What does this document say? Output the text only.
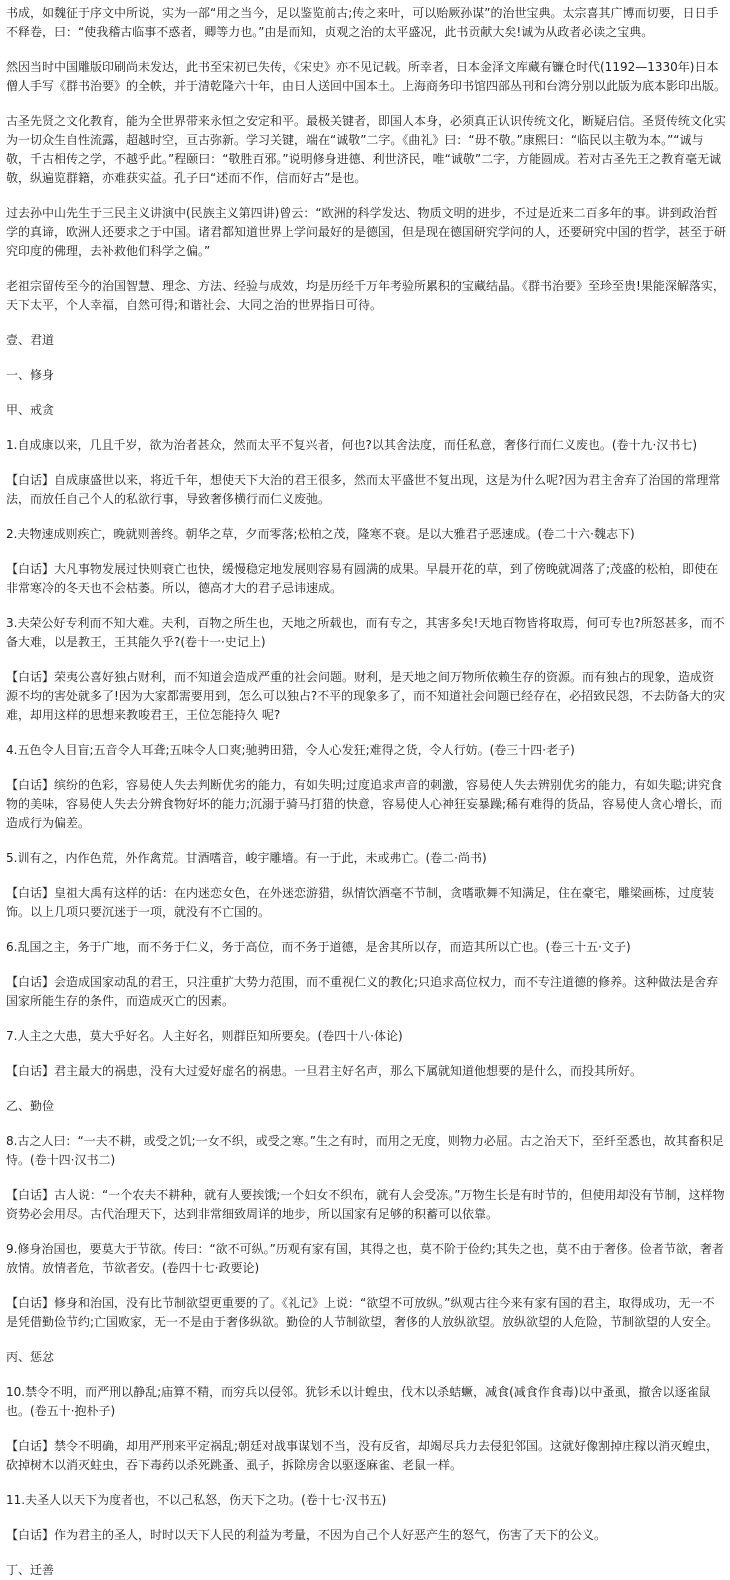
书成，如魏征于序文中所说，实为一部“用之当今，足以鉴览前古;传之来叶，可以贻厥孙谋”的治世宝典。太宗喜其广博而切要，日日手不释卷，曰：“使我稽古临事不惑者，卿等力也。”由是而知，贞观之治的太平盛况，此书贡献大矣!诚为从政者必读之宝典。

然因当时中国雕版印刷尚未发达，此书至宋初已失传，《宋史》亦不见记载。所幸者，日本金泽文库藏有镰仓时代(1192—1330年)日本僧人手写《群书治要》的全帙，并于清乾隆六十年，由日人送回中国本土。上海商务印书馆四部丛刊和台湾分别以此版为底本影印出版。

古圣先贤之文化教育，能为全世界带来永恒之安定和平。最极关键者，即国人本身，必须真正认识传统文化，断疑启信。圣贤传统文化实为一切众生自性流露，超越时空，亘古弥新。学习关键，端在“诚敬”二字。《曲礼》曰：“毋不敬。”康熙曰：“临民以主敬为本。”“诚与敬，千古相传之学，不越乎此。”程颐曰：“敬胜百邪。”说明修身进德、利世济民，唯“诚敬”二字，方能圆成。若对古圣先王之教育毫无诚敬，纵遍览群籍，亦难获实益。孔子曰“述而不作，信而好古”是也。

过去孙中山先生于三民主义讲演中(民族主义第四讲)曾云：“欧洲的科学发达、物质文明的进步，不过是近来二百多年的事。讲到政治哲学的真谛，欧洲人还要求之于中国。诸君都知道世界上学问最好的是德国，但是现在德国研究学问的人，还要研究中国的哲学，甚至于研究印度的佛理，去补救他们科学之偏。”

老祖宗留传至今的治国智慧、理念、方法、经验与成效，均是历经千万年考验所累积的宝藏结晶。《群书治要》至珍至贵!果能深解落实，天下太平，个人幸福，自然可得;和谐社会、大同之治的世界指日可待。

壹、君道

一、修身

甲、戒贪

1.自成康以来，几且千岁，欲为治者甚众，然而太平不复兴者，何也?以其舍法度，而任私意，奢侈行而仁义废也。(卷十九·汉书七)

【白话】自成康盛世以来，将近千年，想使天下大治的君王很多，然而太平盛世不复出现，这是为什么呢?因为君主舍弃了治国的常理常法，而放任自己个人的私欲行事，导致奢侈横行而仁义废弛。

2.夫物速成则疾亡，晚就则善终。朝华之草，夕而零落;松柏之茂，隆寒不衰。是以大雅君子恶速成。(卷二十六·魏志下)

【白话】大凡事物发展过快则衰亡也快，缓慢稳定地发展则容易有圆满的成果。早晨开花的草，到了傍晚就凋落了;茂盛的松柏，即使在非常寒冷的冬天也不会枯萎。所以，德高才大的君子忌讳速成。

3.夫荣公好专利而不知大难。夫利，百物之所生也，天地之所载也，而有专之，其害多矣!天地百物皆将取焉，何可专也?所怒甚多，而不备大难，以是教王，王其能久乎?(卷十一·史记上)

【白话】荣夷公喜好独占财利，而不知道会造成严重的社会问题。财利，是天地之间万物所依赖生存的资源。而有独占的现象，造成资源不均的害处就多了!因为大家都需要用到，怎么可以独占?不平的现象多了，而不知道社会问题已经存在，必招致民怨，不去防备大的灾难，却用这样的思想来教唆君王，王位怎能持久 呢?

4.五色令人目盲;五音令人耳聋;五味令人口爽;驰骋田猎，令人心发狂;难得之货，令人行妨。(卷三十四·老子)

【白话】缤纷的色彩，容易使人失去判断优劣的能力，有如失明;过度追求声音的刺激，容易使人失去辨别优劣的能力，有如失聪;讲究食物的美味，容易使人失去分辨食物好坏的能力;沉溺于骑马打猎的快意，容易使人心神狂妄暴躁;稀有难得的货品，容易使人贪心增长，而造成行为偏差。

5.训有之，内作色荒，外作禽荒。甘酒嗜音，峻宇雕墙。有一于此，未或弗亡。(卷二·尚书)

【白话】皇祖大禹有这样的话：在内迷恋女色，在外迷恋游猎，纵情饮酒毫不节制，贪嗜歌舞不知满足，住在豪宅，雕梁画栋，过度装饰。以上几项只要沉迷于一项，就没有不亡国的。

6.乱国之主，务于广地，而不务于仁义，务于高位，而不务于道德，是舍其所以存，而造其所以亡也。(卷三十五·文子)

【白话】会造成国家动乱的君王，只注重扩大势力范围，而不重视仁义的教化;只追求高位权力，而不专注道德的修养。这种做法是舍弃国家所能生存的条件，而造成灭亡的因素。

7.人主之大患，莫大乎好名。人主好名，则群臣知所要矣。(卷四十八·体论)

【白话】君主最大的祸患，没有大过爱好虚名的祸患。一旦君主好名声，那么下属就知道他想要的是什么，而投其所好。

乙、勤俭

8.古之人曰：“一夫不耕，或受之饥;一女不织，或受之寒。”生之有时，而用之无度，则物力必屈。古之治天下，至纤至悉也，故其畜积足恃。(卷十四·汉书二)

【白话】古人说：“一个农夫不耕种，就有人要挨饿;一个妇女不织布，就有人会受冻。”万物生长是有时节的，但使用却没有节制，这样物资势必会用尽。古代治理天下，达到非常细致周详的地步，所以国家有足够的积蓄可以依靠。

9.修身治国也，要莫大于节欲。传曰：“欲不可纵。”历观有家有国，其得之也，莫不阶于俭约;其失之也，莫不由于奢侈。俭者节欲，奢者放情。放情者危，节欲者安。(卷四十七·政要论)

【白话】修身和治国，没有比节制欲望更重要的了。《礼记》上说：“欲望不可放纵。”纵观古往今来有家有国的君主，取得成功，无一不是凭借勤俭节约;亡国败家，无一不是由于奢侈纵欲。勤俭的人节制欲望，奢侈的人放纵欲望。放纵欲望的人危险，节制欲望的人安全。

丙、惩忿

10.禁令不明，而严刑以静乱;庙算不精，而穷兵以侵邻。犹钐禾以计蝗虫，伐木以杀蛣蟩，减食(减食作食毒)以中蚤虱，撤舍以逐雀鼠也。(卷五十·抱朴子)

【白话】禁令不明确，却用严刑来平定祸乱;朝廷对战事谋划不当，没有反省，却竭尽兵力去侵犯邻国。这就好像割掉庄稼以消灭蝗虫，砍掉树木以消灭蛀虫，吞下毒药以杀死跳蚤、虱子，拆除房舍以驱逐麻雀、老鼠一样。

11.夫圣人以天下为度者也，不以己私怒，伤天下之功。(卷十七·汉书五)

【白话】作为君主的圣人，时时以天下人民的利益为考量，不因为自己个人好恶产生的怒气，伤害了天下的公义。

丁、迁善
